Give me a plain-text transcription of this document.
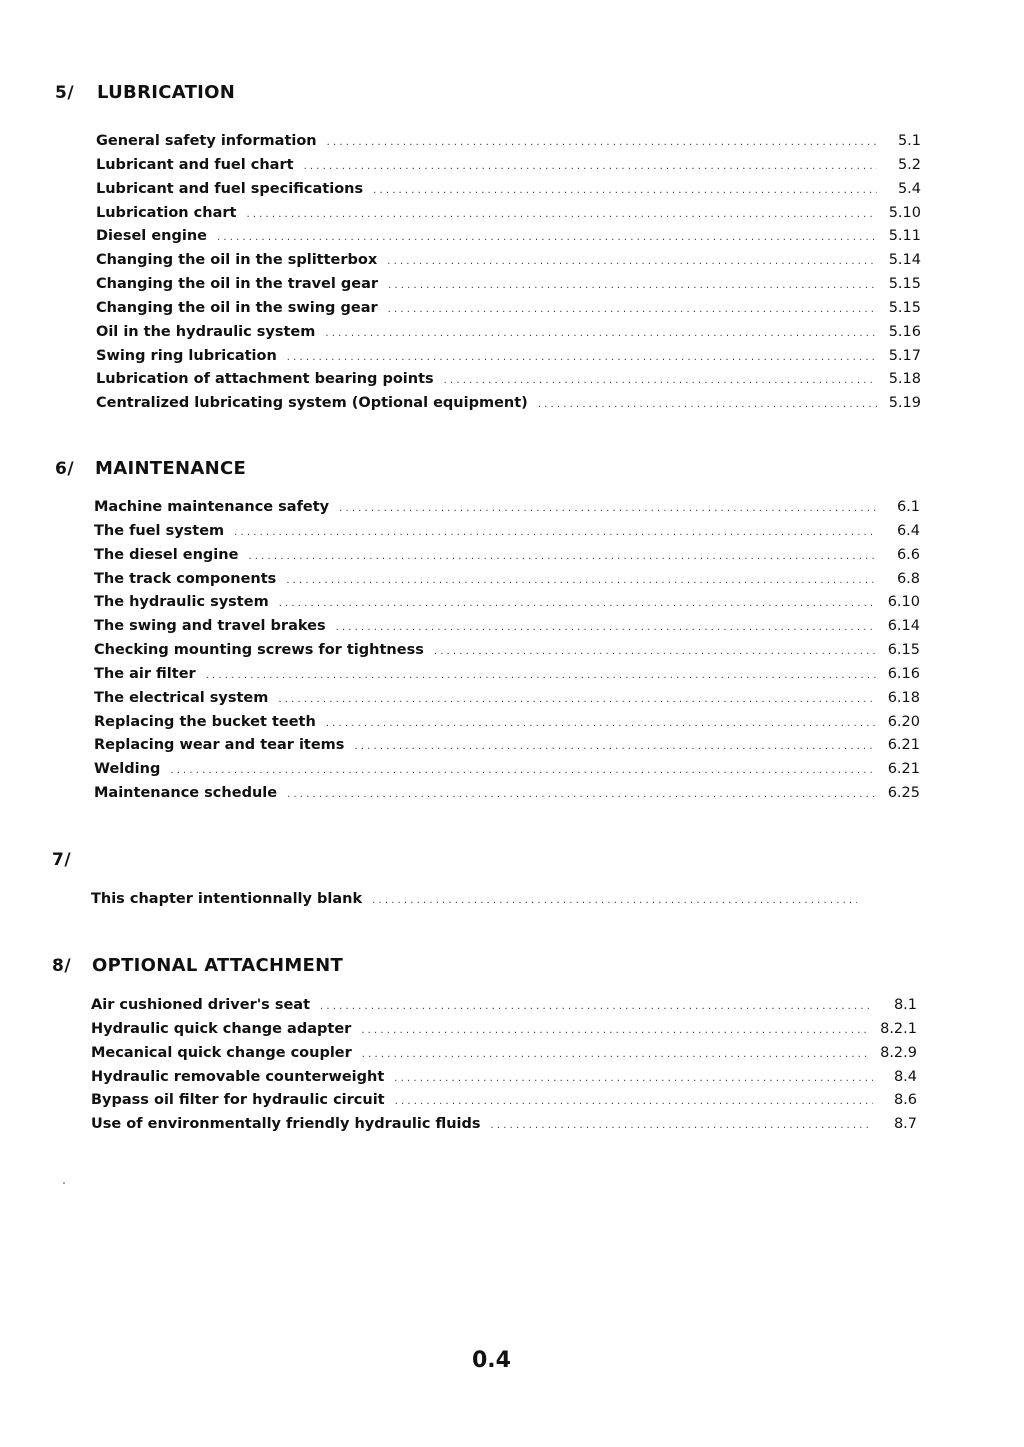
5/ LUBRICATION
General safety information . . .	5.1
Lubricant and fuel chart . . .	5.2
Lubricant and fuel specifications . . .	5.4
Lubrication chart . . .	5.10
Diesel engine . . .	5.11
Changing the oil in the splitterbox . . .	5.14
Changing the oil in the travel gear . . .	5.15
Changing the oil in the swing gear . . .	5.15
Oil in the hydraulic system . . .	5.16
Swing ring lubrication . . .	5.17
Lubrication of attachment bearing points . . .	5.18
Centralized lubricating system (Optional equipment) . . .	5.19
6/ MAINTENANCE
Machine maintenance safety . . .	6.1
The fuel system . . .	6.4
The diesel engine . . .	6.6
The track components . . .	6.8
The hydraulic system . . .	6.10
The swing and travel brakes . . .	6.14
Checking mounting screws for tightness . . .	6.15
The air filter . . .	6.16
The electrical system . . .	6.18
Replacing the bucket teeth . . .	6.20
Replacing wear and tear items . . .	6.21
Welding . . .	6.21
Maintenance schedule . . .	6.25
7/
This chapter intentionnally blank
. . .
8/ OPTIONAL ATTACHMENT
Air cushioned driver's seat . . .	8.1
Hydraulic quick change adapter . . .	8.2.1
Mecanical quick change coupler . . .	8.2.9
Hydraulic removable counterweight . . .	8.4
Bypass oil filter for hydraulic circuit . . .	8.6
Use of environmentally friendly hydraulic fluids . . .	8.7
0.4
